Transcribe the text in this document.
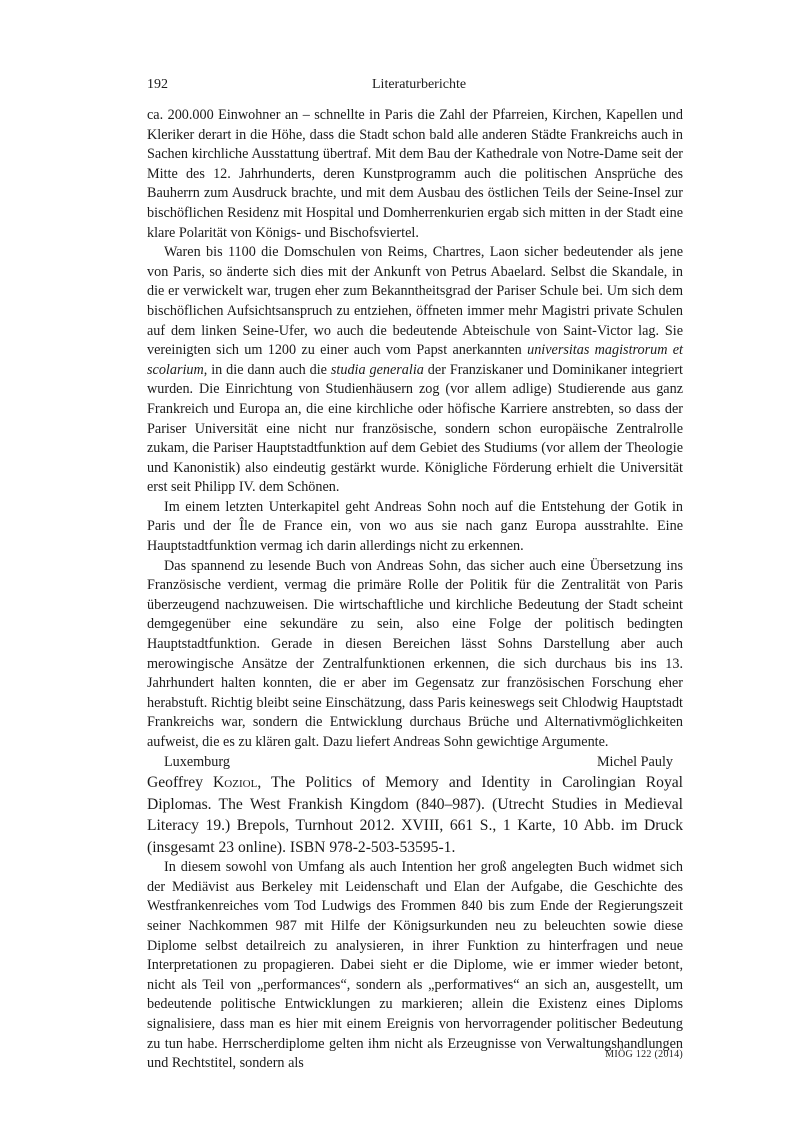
192	Literaturberichte

ca. 200.000 Einwohner an – schnellte in Paris die Zahl der Pfarreien, Kirchen, Kapellen und Kleriker derart in die Höhe, dass die Stadt schon bald alle anderen Städte Frankreichs auch in Sachen kirchliche Ausstattung übertraf. Mit dem Bau der Kathedrale von Notre-Dame seit der Mitte des 12. Jahrhunderts, deren Kunstprogramm auch die politischen Ansprüche des Bauherrn zum Ausdruck brachte, und mit dem Ausbau des östlichen Teils der Seine-Insel zur bischöflichen Residenz mit Hospital und Domherrenkurien ergab sich mitten in der Stadt eine klare Polarität von Königs- und Bischofsviertel.

Waren bis 1100 die Domschulen von Reims, Chartres, Laon sicher bedeutender als jene von Paris, so änderte sich dies mit der Ankunft von Petrus Abaelard. Selbst die Skandale, in die er verwickelt war, trugen eher zum Bekanntheitsgrad der Pariser Schule bei. Um sich dem bischöflichen Aufsichtsanspruch zu entziehen, öffneten immer mehr Magistri private Schulen auf dem linken Seine-Ufer, wo auch die bedeutende Abteischule von Saint-Victor lag. Sie vereinigten sich um 1200 zu einer auch vom Papst anerkannten universitas magistrorum et scolarium, in die dann auch die studia generalia der Franziskaner und Dominikaner integriert wurden. Die Einrichtung von Studienhäusern zog (vor allem adlige) Studierende aus ganz Frankreich und Europa an, die eine kirchliche oder höfische Karriere anstrebten, so dass der Pariser Universität eine nicht nur französische, sondern schon europäische Zentralrolle zukam, die Pariser Hauptstadtfunktion auf dem Gebiet des Studiums (vor allem der Theologie und Kanonistik) also eindeutig gestärkt wurde. Königliche Förderung erhielt die Universität erst seit Philipp IV. dem Schönen.

Im einem letzten Unterkapitel geht Andreas Sohn noch auf die Entstehung der Gotik in Paris und der Île de France ein, von wo aus sie nach ganz Europa ausstrahlte. Eine Hauptstadtfunktion vermag ich darin allerdings nicht zu erkennen.

Das spannend zu lesende Buch von Andreas Sohn, das sicher auch eine Übersetzung ins Französische verdient, vermag die primäre Rolle der Politik für die Zentralität von Paris überzeugend nachzuweisen. Die wirtschaftliche und kirchliche Bedeutung der Stadt scheint demgegenüber eine sekundäre zu sein, also eine Folge der politisch bedingten Hauptstadtfunktion. Gerade in diesen Bereichen lässt Sohns Darstellung aber auch merowingische Ansätze der Zentralfunktionen erkennen, die sich durchaus bis ins 13. Jahrhundert halten konnten, die er aber im Gegensatz zur französischen Forschung eher herabstuft. Richtig bleibt seine Einschätzung, dass Paris keineswegs seit Chlodwig Hauptstadt Frankreichs war, sondern die Entwicklung durchaus Brüche und Alternativmöglichkeiten aufweist, die es zu klären galt. Dazu liefert Andreas Sohn gewichtige Argumente.

Luxemburg	Michel Pauly

Geoffrey Koziol, The Politics of Memory and Identity in Carolingian Royal Diplomas. The West Frankish Kingdom (840–987). (Utrecht Studies in Medieval Literacy 19.) Brepols, Turnhout 2012. XVIII, 661 S., 1 Karte, 10 Abb. im Druck (insgesamt 23 online). ISBN 978-2-503-53595-1.

In diesem sowohl von Umfang als auch Intention her groß angelegten Buch widmet sich der Mediävist aus Berkeley mit Leidenschaft und Elan der Aufgabe, die Geschichte des Westfrankenreiches vom Tod Ludwigs des Frommen 840 bis zum Ende der Regierungszeit seiner Nachkommen 987 mit Hilfe der Königsurkunden neu zu beleuchten sowie diese Diplome selbst detailreich zu analysieren, in ihrer Funktion zu hinterfragen und neue Interpretationen zu propagieren. Dabei sieht er die Diplome, wie er immer wieder betont, nicht als Teil von „performances“, sondern als „performatives“ an sich an, ausgestellt, um bedeutende politische Entwicklungen zu markieren; allein die Existenz eines Diploms signalisiere, dass man es hier mit einem Ereignis von hervorragender politischer Bedeutung zu tun habe. Herrscherdiplome gelten ihm nicht als Erzeugnisse von Verwaltungshandlungen und Rechtstitel, sondern als

MIÖG 122 (2014)
